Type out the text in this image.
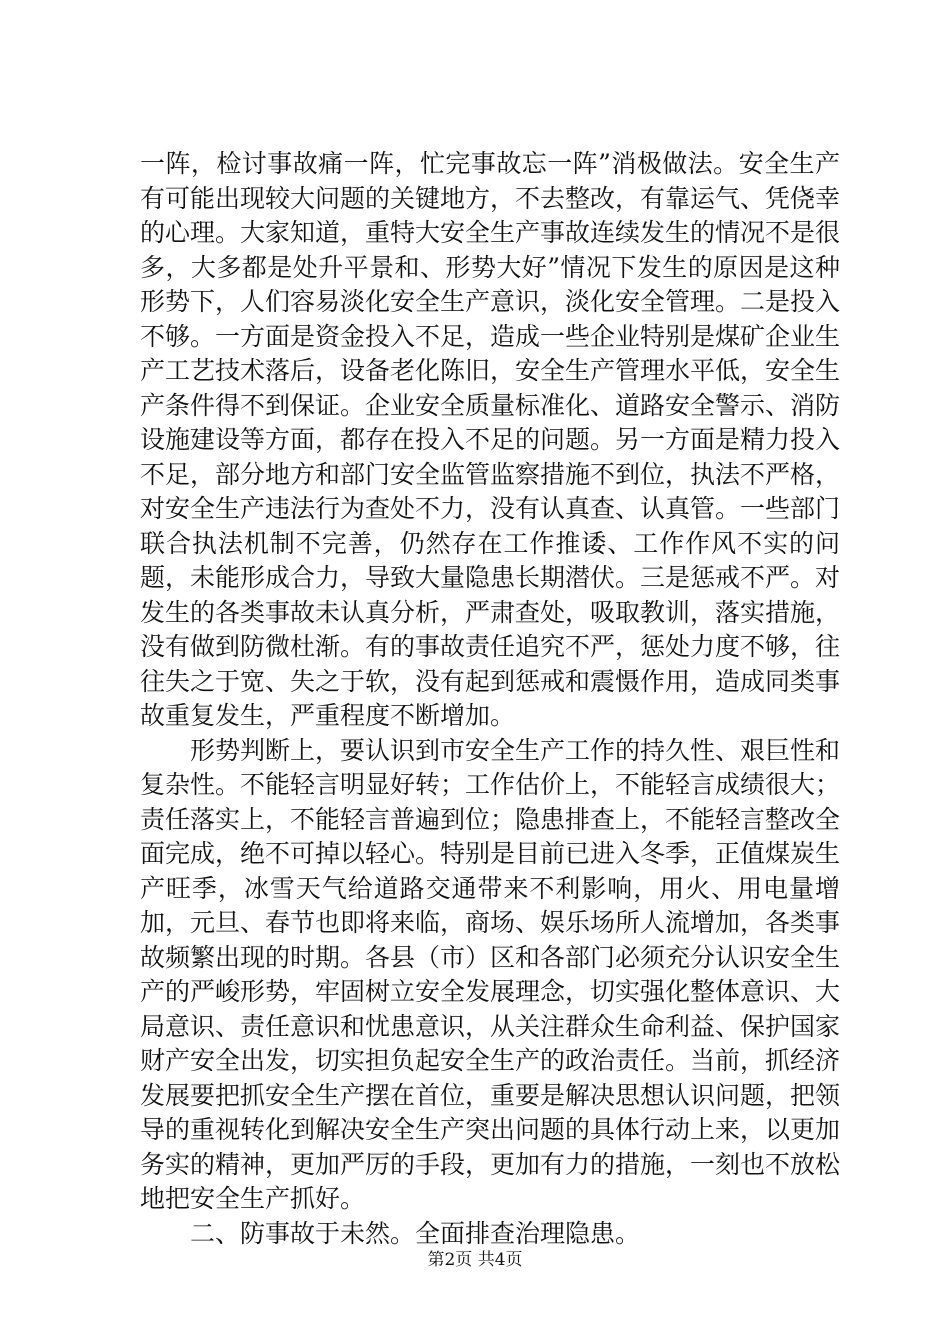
一阵，检讨事故痛一阵，忙完事故忘一阵”消极做法。安全生产有可能出现较大问题的关键地方，不去整改，有靠运气、凭侥幸的心理。大家知道，重特大安全生产事故连续发生的情况不是很多，大多都是处升平景和、形势大好”情况下发生的原因是这种形势下，人们容易淡化安全生产意识，淡化安全管理。二是投入不够。一方面是资金投入不足，造成一些企业特别是煤矿企业生产工艺技术落后，设备老化陈旧，安全生产管理水平低，安全生产条件得不到保证。企业安全质量标准化、道路安全警示、消防设施建设等方面，都存在投入不足的问题。另一方面是精力投入不足，部分地方和部门安全监管监察措施不到位，执法不严格，对安全生产违法行为查处不力，没有认真查、认真管。一些部门联合执法机制不完善，仍然存在工作推诿、工作作风不实的问题，未能形成合力，导致大量隐患长期潜伏。三是惩戒不严。对发生的各类事故未认真分析，严肃查处，吸取教训，落实措施，没有做到防微杜渐。有的事故责任追究不严，惩处力度不够，往往失之于宽、失之于软，没有起到惩戒和震慑作用，造成同类事故重复发生，严重程度不断增加。

形势判断上，要认识到市安全生产工作的持久性、艰巨性和复杂性。不能轻言明显好转；工作估价上，不能轻言成绩很大；责任落实上，不能轻言普遍到位；隐患排查上，不能轻言整改全面完成，绝不可掉以轻心。特别是目前已进入冬季，正值煤炭生产旺季，冰雪天气给道路交通带来不利影响，用火、用电量增加，元旦、春节也即将来临，商场、娱乐场所人流增加，各类事故频繁出现的时期。各县（市）区和各部门必须充分认识安全生产的严峻形势，牢固树立安全发展理念，切实强化整体意识、大局意识、责任意识和忧患意识，从关注群众生命利益、保护国家财产安全出发，切实担负起安全生产的政治责任。当前，抓经济发展要把抓安全生产摆在首位，重要是解决思想认识问题，把领导的重视转化到解决安全生产突出问题的具体行动上来，以更加务实的精神，更加严厉的手段，更加有力的措施，一刻也不放松地把安全生产抓好。

二、防事故于未然。全面排查治理隐患。

第2页 共4页
